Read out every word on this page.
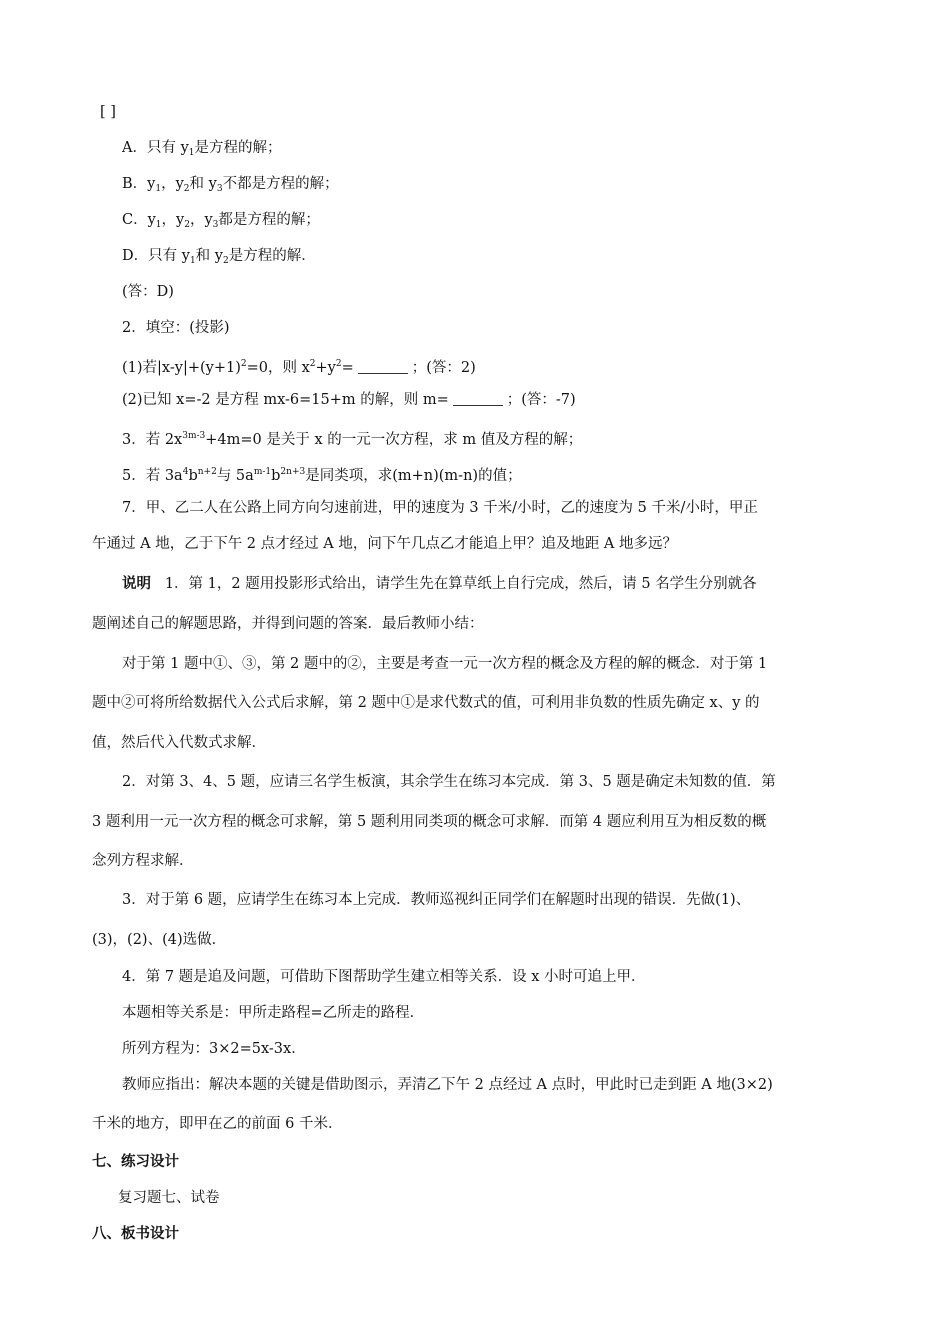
[ ]
A．只有 $y_1$是方程的解；
B．$y_1$，$y_2$和 $y_3$不都是方程的解；
C．$y_1$，$y_2$，$y_3$都是方程的解；
D．只有 $y_1$和 $y_2$是方程的解．
(答：D)
2．填空：(投影)
(1)若$|x-y|+(y+1)^2=0$，则 $x^2+y^2=$	；(答：2)
(2)已知 x=-2 是方程 mx-6=15+m 的解，则 m=	；(答：-7)
3．若 $2x^{3m-3}+4m=0$ 是关于 x 的一元一次方程，求 m 值及方程的解；
5．若 $3a^4b^{n+2}$与 $5a^{m-1}b^{2n+3}$是同类项，求(m+n)(m-n)的值；
7．甲、乙二人在公路上同方向匀速前进，甲的速度为 3 千米/小时，乙的速度为 5 千米/小时，甲正
午通过 A 地，乙于下午 2 点才经过 A 地，问下午几点乙才能追上甲？追及地距 A 地多远？
说明 1．第 1，2 题用投影形式给出，请学生先在算草纸上自行完成，然后，请 5 名学生分别就各
题阐述自己的解题思路，并得到问题的答案．最后教师小结：
对于第 1 题中①、③，第 2 题中的②，主要是考查一元一次方程的概念及方程的解的概念．对于第 1
题中②可将所给数据代入公式后求解，第 2 题中①是求代数式的值，可利用非负数的性质先确定 x、y 的
值，然后代入代数式求解．
2．对第 3、4、5 题，应请三名学生板演，其余学生在练习本完成．第 3、5 题是确定未知数的值．第
3 题利用一元一次方程的概念可求解，第 5 题利用同类项的概念可求解．而第 4 题应利用互为相反数的概
念列方程求解．
3．对于第 6 题，应请学生在练习本上完成．教师巡视纠正同学们在解题时出现的错误．先做(1)、
(3)，(2)、(4)选做．
4．第 7 题是追及问题，可借助下图帮助学生建立相等关系．设 x 小时可追上甲．
本题相等关系是：甲所走路程=乙所走的路程．
所列方程为：3×2=5x-3x．
教师应指出：解决本题的关键是借助图示，弄清乙下午 2 点经过 A 点时，甲此时已走到距 A 地(3×2)
千米的地方，即甲在乙的前面 6 千米．
七、练习设计
复习题七、试卷
八、板书设计
